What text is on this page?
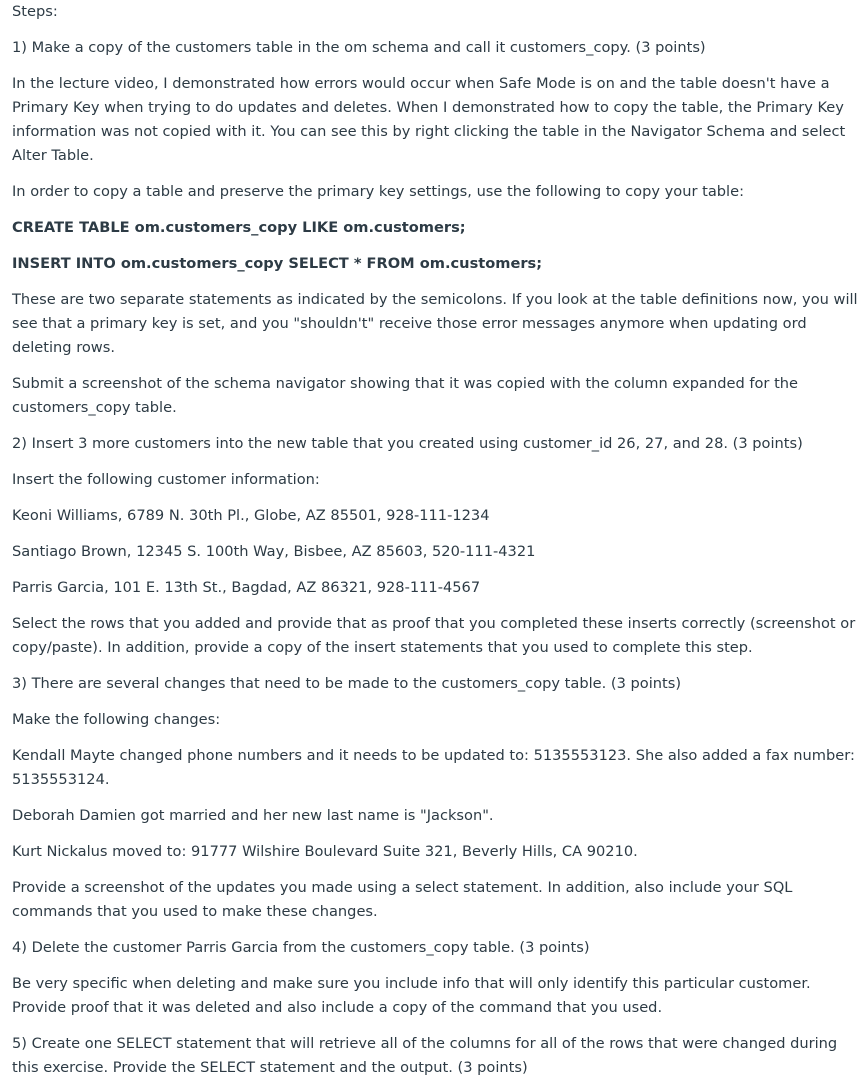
Steps:

1) Make a copy of the customers table in the om schema and call it customers_copy. (3 points)

In the lecture video, I demonstrated how errors would occur when Safe Mode is on and the table doesn't have a Primary Key when trying to do updates and deletes. When I demonstrated how to copy the table, the Primary Key information was not copied with it. You can see this by right clicking the table in the Navigator Schema and select Alter Table.

In order to copy a table and preserve the primary key settings, use the following to copy your table:

CREATE TABLE om.customers_copy LIKE om.customers;

INSERT INTO om.customers_copy SELECT * FROM om.customers;

These are two separate statements as indicated by the semicolons. If you look at the table definitions now, you will see that a primary key is set, and you "shouldn't" receive those error messages anymore when updating ord deleting rows.

Submit a screenshot of the schema navigator showing that it was copied with the column expanded for the customers_copy table.

2) Insert 3 more customers into the new table that you created using customer_id 26, 27, and 28. (3 points)

Insert the following customer information:

Keoni Williams, 6789 N. 30th Pl., Globe, AZ 85501, 928-111-1234

Santiago Brown, 12345 S. 100th Way, Bisbee, AZ 85603, 520-111-4321

Parris Garcia, 101 E. 13th St., Bagdad, AZ 86321, 928-111-4567

Select the rows that you added and provide that as proof that you completed these inserts correctly (screenshot or copy/paste). In addition, provide a copy of the insert statements that you used to complete this step.

3) There are several changes that need to be made to the customers_copy table. (3 points)

Make the following changes:

Kendall Mayte changed phone numbers and it needs to be updated to: 5135553123. She also added a fax number: 5135553124.

Deborah Damien got married and her new last name is "Jackson".

Kurt Nickalus moved to: 91777 Wilshire Boulevard Suite 321, Beverly Hills, CA 90210.

Provide a screenshot of the updates you made using a select statement. In addition, also include your SQL commands that you used to make these changes.

4) Delete the customer Parris Garcia from the customers_copy table. (3 points)

Be very specific when deleting and make sure you include info that will only identify this particular customer. Provide proof that it was deleted and also include a copy of the command that you used.

5) Create one SELECT statement that will retrieve all of the columns for all of the rows that were changed during this exercise. Provide the SELECT statement and the output. (3 points)
